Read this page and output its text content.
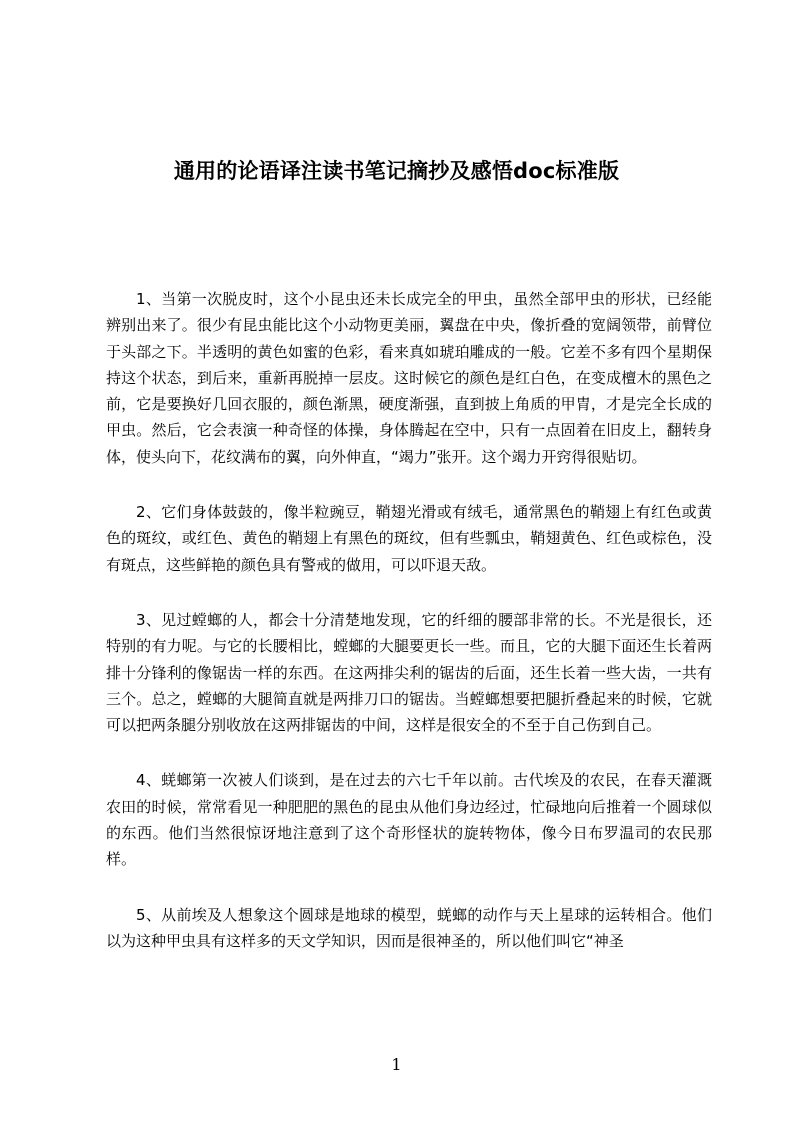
通用的论语译注读书笔记摘抄及感悟doc标准版

1、当第一次脱皮时，这个小昆虫还未长成完全的甲虫，虽然全部甲虫的形状，已经能辨别出来了。很少有昆虫能比这个小动物更美丽，翼盘在中央，像折叠的宽阔领带，前臂位于头部之下。半透明的黄色如蜜的色彩，看来真如琥珀雕成的一般。它差不多有四个星期保持这个状态，到后来，重新再脱掉一层皮。这时候它的颜色是红白色，在变成檀木的黑色之前，它是要换好几回衣服的，颜色渐黑，硬度渐强，直到披上角质的甲胄，才是完全长成的甲虫。然后，它会表演一种奇怪的体操，身体腾起在空中，只有一点固着在旧皮上，翻转身体，使头向下，花纹满布的翼，向外伸直，“竭力”张开。这个竭力开窍得很贴切。

2、它们身体鼓鼓的，像半粒豌豆，鞘翅光滑或有绒毛，通常黑色的鞘翅上有红色或黄色的斑纹，或红色、黄色的鞘翅上有黑色的斑纹，但有些瓢虫，鞘翅黄色、红色或棕色，没有斑点，这些鲜艳的颜色具有警戒的做用，可以吓退天敌。

3、见过螳螂的人，都会十分清楚地发现，它的纤细的腰部非常的长。不光是很长，还特别的有力呢。与它的长腰相比，螳螂的大腿要更长一些。而且，它的大腿下面还生长着两排十分锋利的像锯齿一样的东西。在这两排尖利的锯齿的后面，还生长着一些大齿，一共有三个。总之，螳螂的大腿简直就是两排刀口的锯齿。当螳螂想要把腿折叠起来的时候，它就可以把两条腿分别收放在这两排锯齿的中间，这样是很安全的不至于自己伤到自己。

4、蜣螂第一次被人们谈到，是在过去的六七千年以前。古代埃及的农民，在春天灌溉农田的时候，常常看见一种肥肥的黑色的昆虫从他们身边经过，忙碌地向后推着一个圆球似的东西。他们当然很惊讶地注意到了这个奇形怪状的旋转物体，像今日布罗温司的农民那样。

5、从前埃及人想象这个圆球是地球的模型，蜣螂的动作与天上星球的运转相合。他们以为这种甲虫具有这样多的天文学知识，因而是很神圣的，所以他们叫它“神圣

1
